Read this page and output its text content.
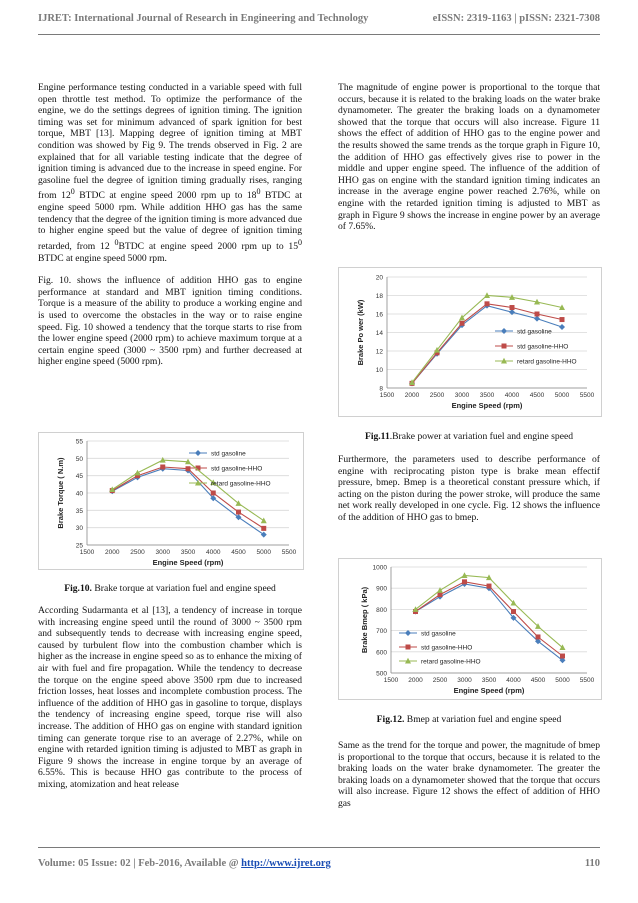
IJRET: International Journal of Research in Engineering and Technology	eISSN: 2319-1163 | pISSN: 2321-7308

Engine performance testing conducted in a variable speed with full open throttle test method. To optimize the performance of the engine, we do the settings degrees of ignition timing. The ignition timing was set for minimum advanced of spark ignition for best torque, MBT [13]. Mapping degree of ignition timing at MBT condition was showed by Fig 9. The trends observed in Fig. 2 are explained that for all variable testing indicate that the degree of ignition timing is advanced due to the increase in speed engine. For gasoline fuel the degree of ignition timing gradually rises, ranging from $12^0$ BTDC at engine speed 2000 rpm up to $18^0$ BTDC at engine speed 5000 rpm. While addition HHO gas has the same tendency that the degree of the ignition timing is more advanced due to higher engine speed but the value of degree of ignition timing retarded, from 12 $^0$BTDC at engine speed 2000 rpm up to $15^0$ BTDC at engine speed 5000 rpm.

Fig. 10. shows the influence of addition HHO gas to engine performance at standard and MBT ignition timing conditions. Torque is a measure of the ability to produce a working engine and is used to overcome the obstacles in the way or to raise engine speed. Fig. 10 showed a tendency that the torque starts to rise from the lower engine speed (2000 rpm) to achieve maximum torque at a certain engine speed (3000 ~ 3500 rpm) and further decreased at higher engine speed (5000 rpm).

25
30
35
40
45
50
55
1500 2000 2500 3000 3500 4000 4500 5000 5500
Engine Speed (rpm)
Brake Torque ( N.m)
std gasoline
std gasoline-HHO
retard gasoline-HHO
Fig.10. Brake torque at variation fuel and engine speed

According Sudarmanta et al [13], a tendency of increase in torque with increasing engine speed until the round of 3000 ~ 3500 rpm and subsequently tends to decrease with increasing engine speed, caused by turbulent flow into the combustion chamber which is higher as the increase in engine speed so as to enhance the mixing of air with fuel and fire propagation. While the tendency to decrease the torque on the engine speed above 3500 rpm due to increased friction losses, heat losses and incomplete combustion process. The influence of the addition of HHO gas in gasoline to torque, displays the tendency of increasing engine speed, torque rise will also increase. The addition of HHO gas on engine with standard ignition timing can generate torque rise to an average of 2.27%, while on engine with retarded ignition timing is adjusted to MBT as graph in Figure 9 shows the increase in engine torque by an average of 6.55%. This is because HHO gas contribute to the process of mixing, atomization and heat release

The magnitude of engine power is proportional to the torque that occurs, because it is related to the braking loads on the water brake dynamometer. The greater the braking loads on a dynamometer showed that the torque that occurs will also increase. Figure 11 shows the effect of addition of HHO gas to the engine power and the results showed the same trends as the torque graph in Figure 10, the addition of HHO gas effectively gives rise to power in the middle and upper engine speed. The influence of the addition of HHO gas on engine with the standard ignition timing indicates an increase in the average engine power reached 2.76%, while on engine with the retarded ignition timing is adjusted to MBT as graph in Figure 9 shows the increase in engine power by an average of 7.65%.

8
10
12
14
16
18
20
1500 2000 2500 3000 3500 4000 4500 5000 5500
Engine Speed (rpm)
Brake Po wer (kW)	std gasoline
std gasoline-HHO
retard gasoline-HHO
Fig.11.Brake power at variation fuel and engine speed

Furthermore, the parameters used to describe performance of engine with reciprocating piston type is brake mean effectif pressure, bmep. Bmep is a theoretical constant pressure which, if acting on the piston during the power stroke, will produce the same net work really developed in one cycle. Fig. 12 shows the influence of the addition of HHO gas to bmep.

500
600
700
800
900
1000
1500 2000 2500 3000 3500 4000 4500 5000 5500
Engine Speed (rpm)
Brake Bmep ( kPa)	std gasoline
std gasoline-HHO
retard gasoline-HHO
Fig.12. Bmep at variation fuel and engine speed

Same as the trend for the torque and power, the magnitude of bmep is proportional to the torque that occurs, because it is related to the braking loads on the water brake dynamometer. The greater the braking loads on a dynamometer showed that the torque that occurs will also increase. Figure 12 shows the effect of addition of HHO gas

Volume: 05 Issue: 02 | Feb-2016, Available @ http://www.ijret.org	110
